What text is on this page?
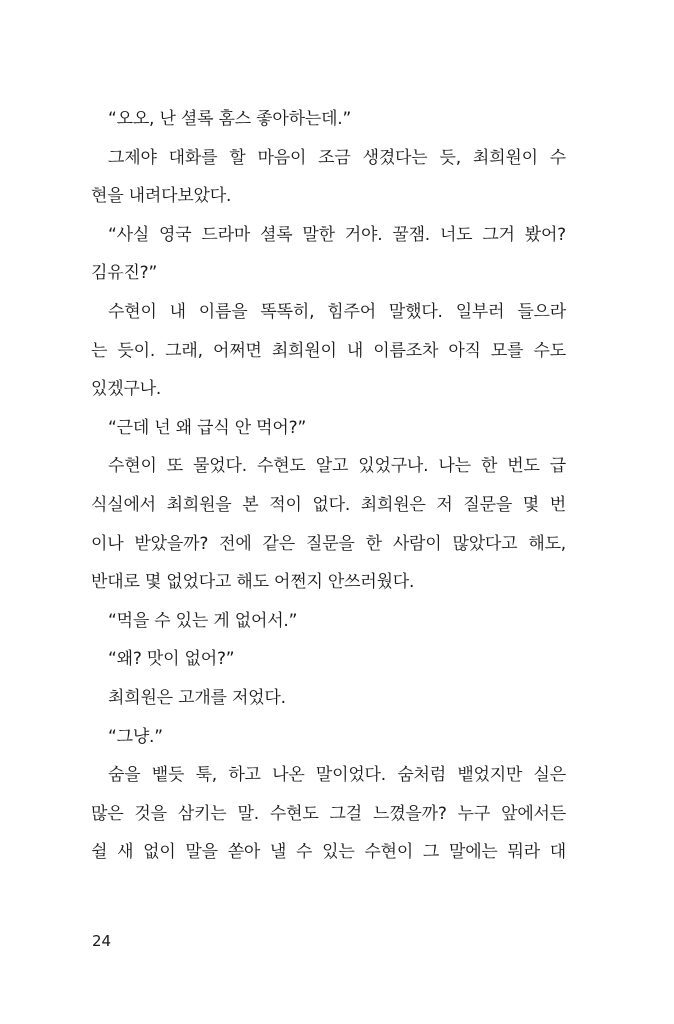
“오오, 난 셜록 홈스 좋아하는데.”
그제야 대화를 할 마음이 조금 생겼다는 듯, 최희원이 수
현을 내려다보았다.
“사실 영국 드라마 셜록 말한 거야. 꿀잼. 너도 그거 봤어?
김유진?”
수현이 내 이름을 똑똑히, 힘주어 말했다. 일부러 들으라
는 듯이. 그래, 어쩌면 최희원이 내 이름조차 아직 모를 수도
있겠구나.
“근데 넌 왜 급식 안 먹어?”
수현이 또 물었다. 수현도 알고 있었구나. 나는 한 번도 급
식실에서 최희원을 본 적이 없다. 최희원은 저 질문을 몇 번
이나 받았을까? 전에 같은 질문을 한 사람이 많았다고 해도,
반대로 몇 없었다고 해도 어쩐지 안쓰러웠다.
“먹을 수 있는 게 없어서.”
“왜? 맛이 없어?”
최희원은 고개를 저었다.
“그냥.”
숨을 뱉듯 툭, 하고 나온 말이었다. 숨처럼 뱉었지만 실은
많은 것을 삼키는 말. 수현도 그걸 느꼈을까? 누구 앞에서든
쉴 새 없이 말을 쏟아 낼 수 있는 수현이 그 말에는 뭐라 대
24
